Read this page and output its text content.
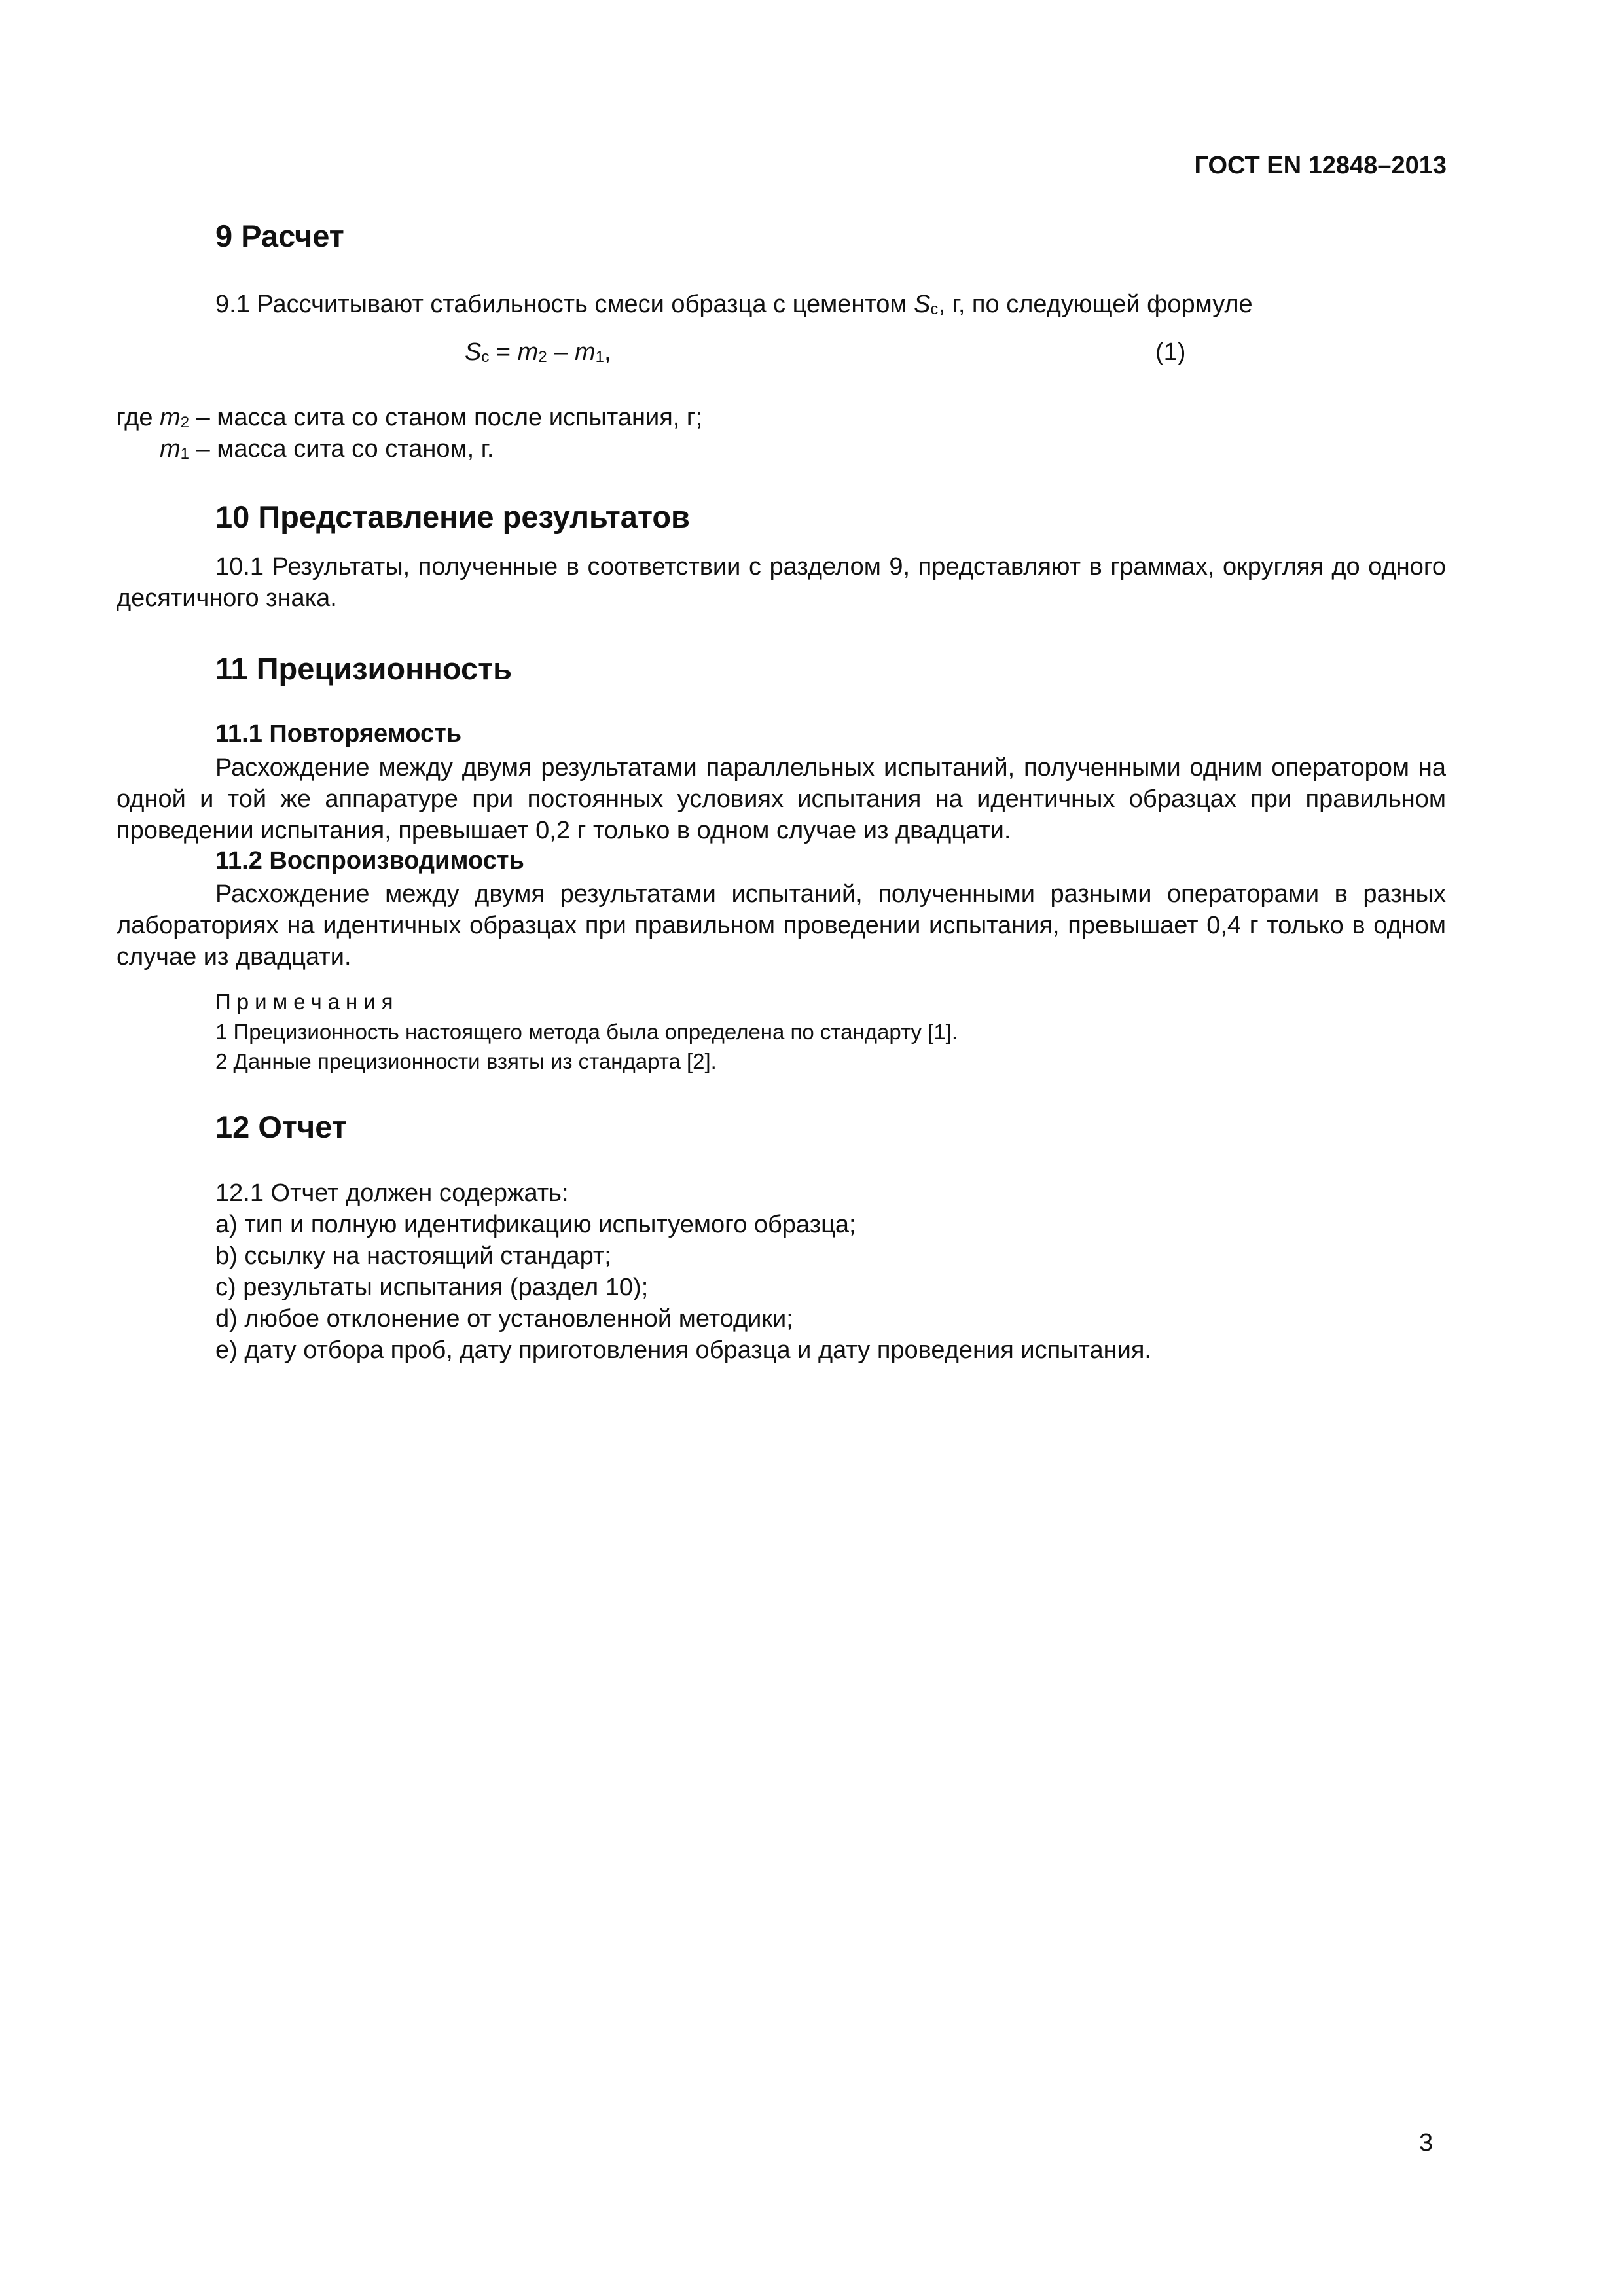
ГОСТ EN 12848–2013
9 Расчет
9.1 Рассчитывают стабильность смеси образца с цементом $S_c$, г, по следующей формуле
$S_c = m_2 - m_1$,	(1)
где $m_2$ – масса сита со станом после испытания, г;
$m_1$ – масса сита со станом, г.
10 Представление результатов
10.1 Результаты, полученные в соответствии с разделом 9, представляют в граммах, округляя до одного десятичного знака.
11 Прецизионность
11.1 Повторяемость
Расхождение между двумя результатами параллельных испытаний, полученными одним оператором на одной и той же аппаратуре при постоянных условиях испытания на идентичных образцах при правильном проведении испытания, превышает 0,2 г только в одном случае из двадцати.
11.2 Воспроизводимость
Расхождение между двумя результатами испытаний, полученными разными операторами в разных лабораториях на идентичных образцах при правильном проведении испытания, превышает 0,4 г только в одном случае из двадцати.
Примечания
1 Прецизионность настоящего метода была определена по стандарту [1].
2 Данные прецизионности взяты из стандарта [2].
12 Отчет
12.1 Отчет должен содержать:
a) тип и полную идентификацию испытуемого образца;
b) ссылку на настоящий стандарт;
c) результаты испытания (раздел 10);
d) любое отклонение от установленной методики;
e) дату отбора проб, дату приготовления образца и дату проведения испытания.
3
